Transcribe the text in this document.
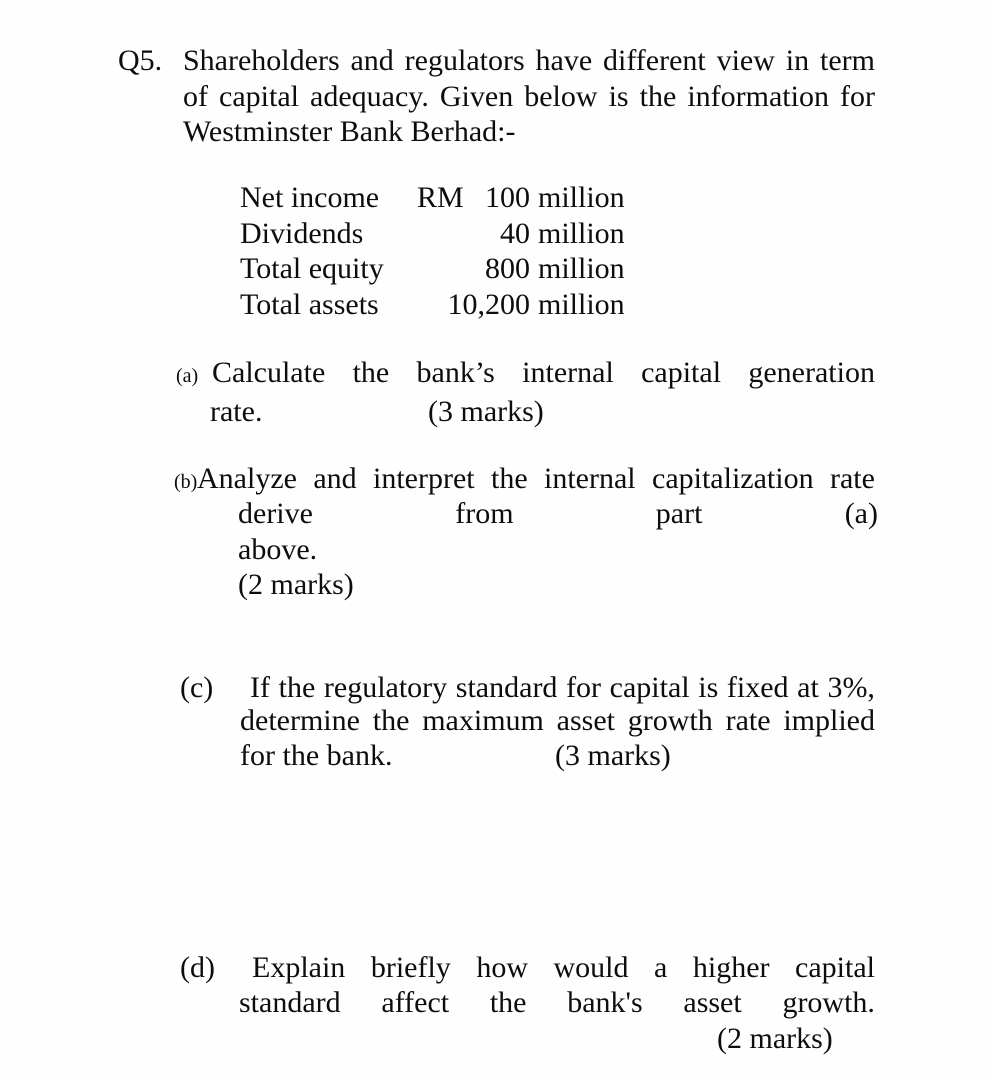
Q5. Shareholders and regulators have different view in term
of capital adequacy. Given below is the information for
Westminster Bank Berhad:-
Net income RM 100 million
Dividends	40 million
Total equity	800 million
Total assets 10,200 million
(a) Calculate the bank’s internal capital generation
rate.	(3 marks)
(b) Analyze and interpret the internal capitalization rate
derive	from	part	(a)
above.
(2 marks)
(c) If the regulatory standard for capital is fixed at 3%,
determine the maximum asset growth rate implied
for the bank.	(3 marks)
(d) Explain briefly how would a higher capital
standard affect the bank's asset growth.
(2 marks)
